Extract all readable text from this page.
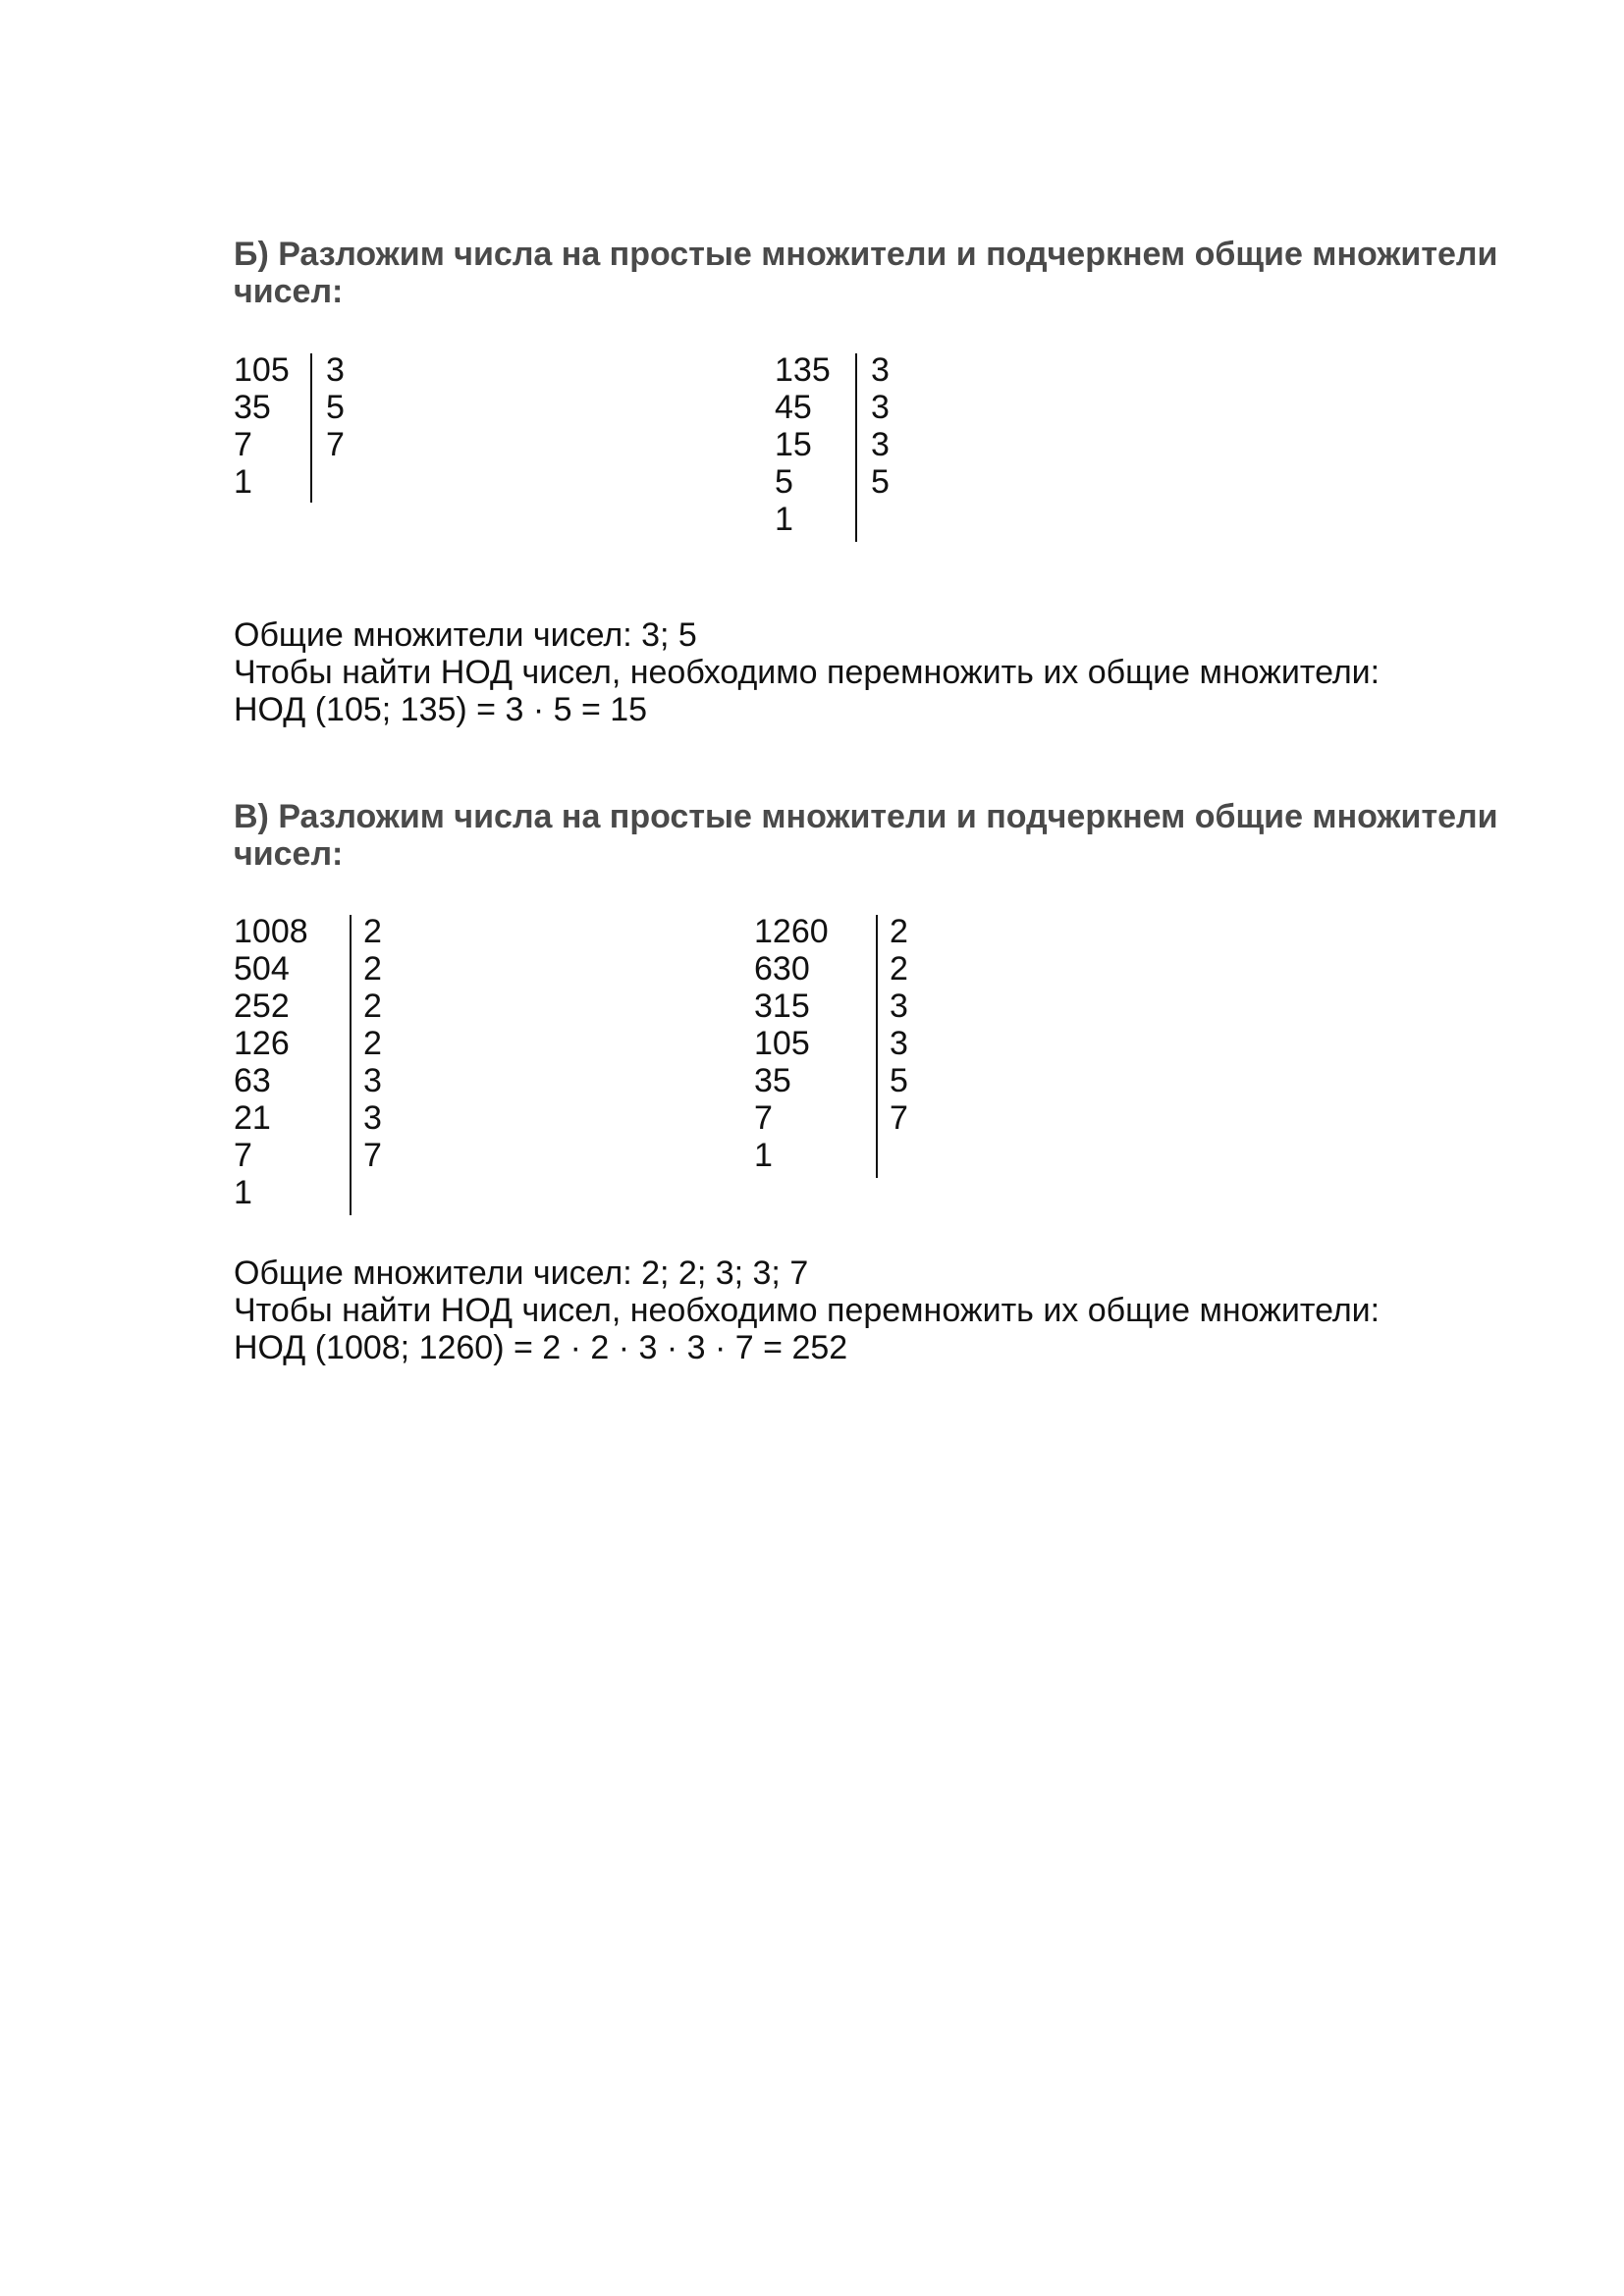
Б) Разложим числа на простые множители и подчеркнем общие множители чисел:

105
35
7
1
3
5
7
135
45
15
5
1
3
3
3
5
Общие множители чисел: 3; 5
Чтобы найти НОД чисел, необходимо перемножить их общие множители:
НОД (105; 135) = 3 · 5 = 15

В) Разложим числа на простые множители и подчеркнем общие множители чисел:

1008
504
252
126
63
21
7
1
2
2
2
2
3
3
7
1260
630
315
105
35
7
1
2
2
3
3
5
7
Общие множители чисел: 2; 2; 3; 3; 7
Чтобы найти НОД чисел, необходимо перемножить их общие множители:
НОД (1008; 1260) = 2 · 2 · 3 · 3 · 7 = 252
